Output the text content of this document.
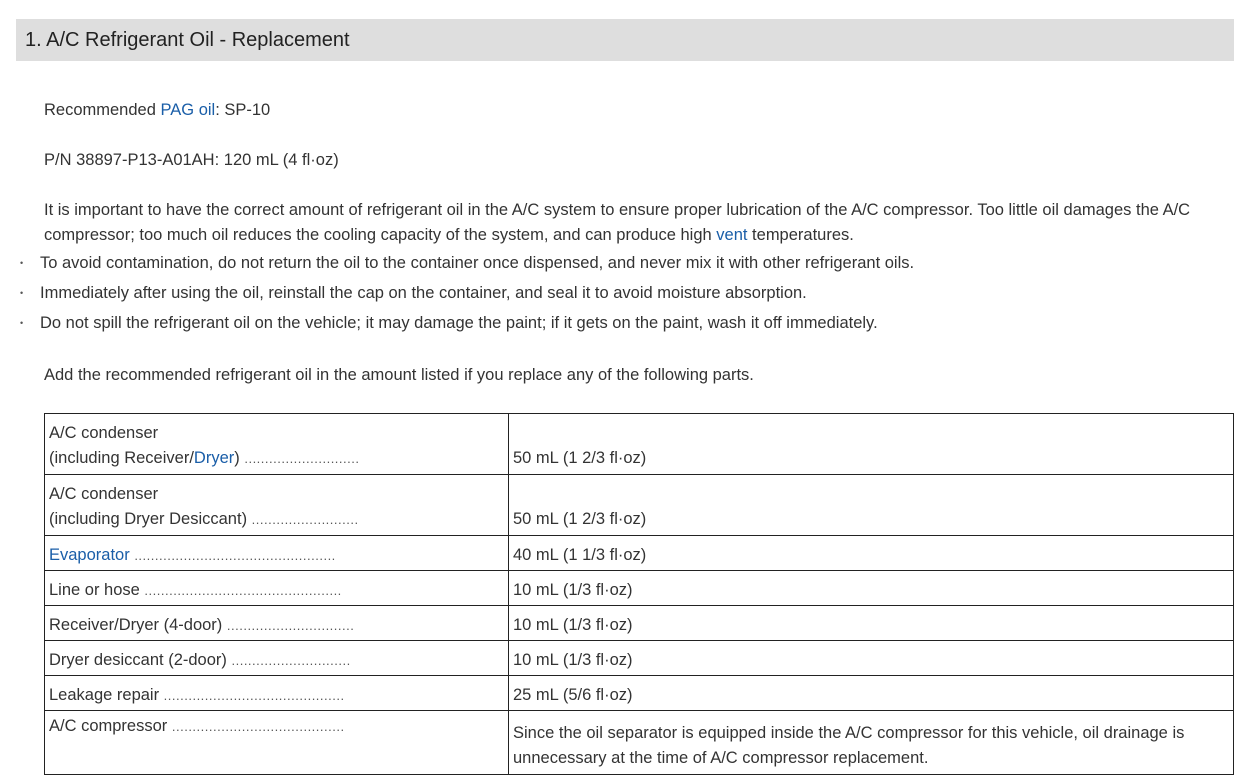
1. A/C Refrigerant Oil - Replacement
Recommended PAG oil: SP-10
P/N 38897-P13-A01AH: 120 mL (4 fl·oz)
It is important to have the correct amount of refrigerant oil in the A/C system to ensure proper lubrication of the A/C compressor. Too little oil damages the A/C compressor; too much oil reduces the cooling capacity of the system, and can produce high vent temperatures.
• To avoid contamination, do not return the oil to the container once dispensed, and never mix it with other refrigerant oils.
• Immediately after using the oil, reinstall the cap on the container, and seal it to avoid moisture absorption.
• Do not spill the refrigerant oil on the vehicle; it may damage the paint; if it gets on the paint, wash it off immediately.
Add the recommended refrigerant oil in the amount listed if you replace any of the following parts.
A/C condenser
(including Receiver/Dryer) ............................	50 mL (1 2/3 fl·oz)

A/C condenser
(including Dryer Desiccant) ..........................	50 mL (1 2/3 fl·oz)
Evaporator .................................................	40 mL (1 1/3 fl·oz)
Line or hose ................................................	10 mL (1/3 fl·oz)
Receiver/Dryer (4-door) ...............................	10 mL (1/3 fl·oz)
Dryer desiccant (2-door) .............................	10 mL (1/3 fl·oz)
Leakage repair ............................................	25 mL (5/6 fl·oz)
A/C compressor ..........................................	Since the oil separator is equipped inside the A/C compressor for this vehicle, oil drainage is unnecessary at the time of A/C compressor replacement.
